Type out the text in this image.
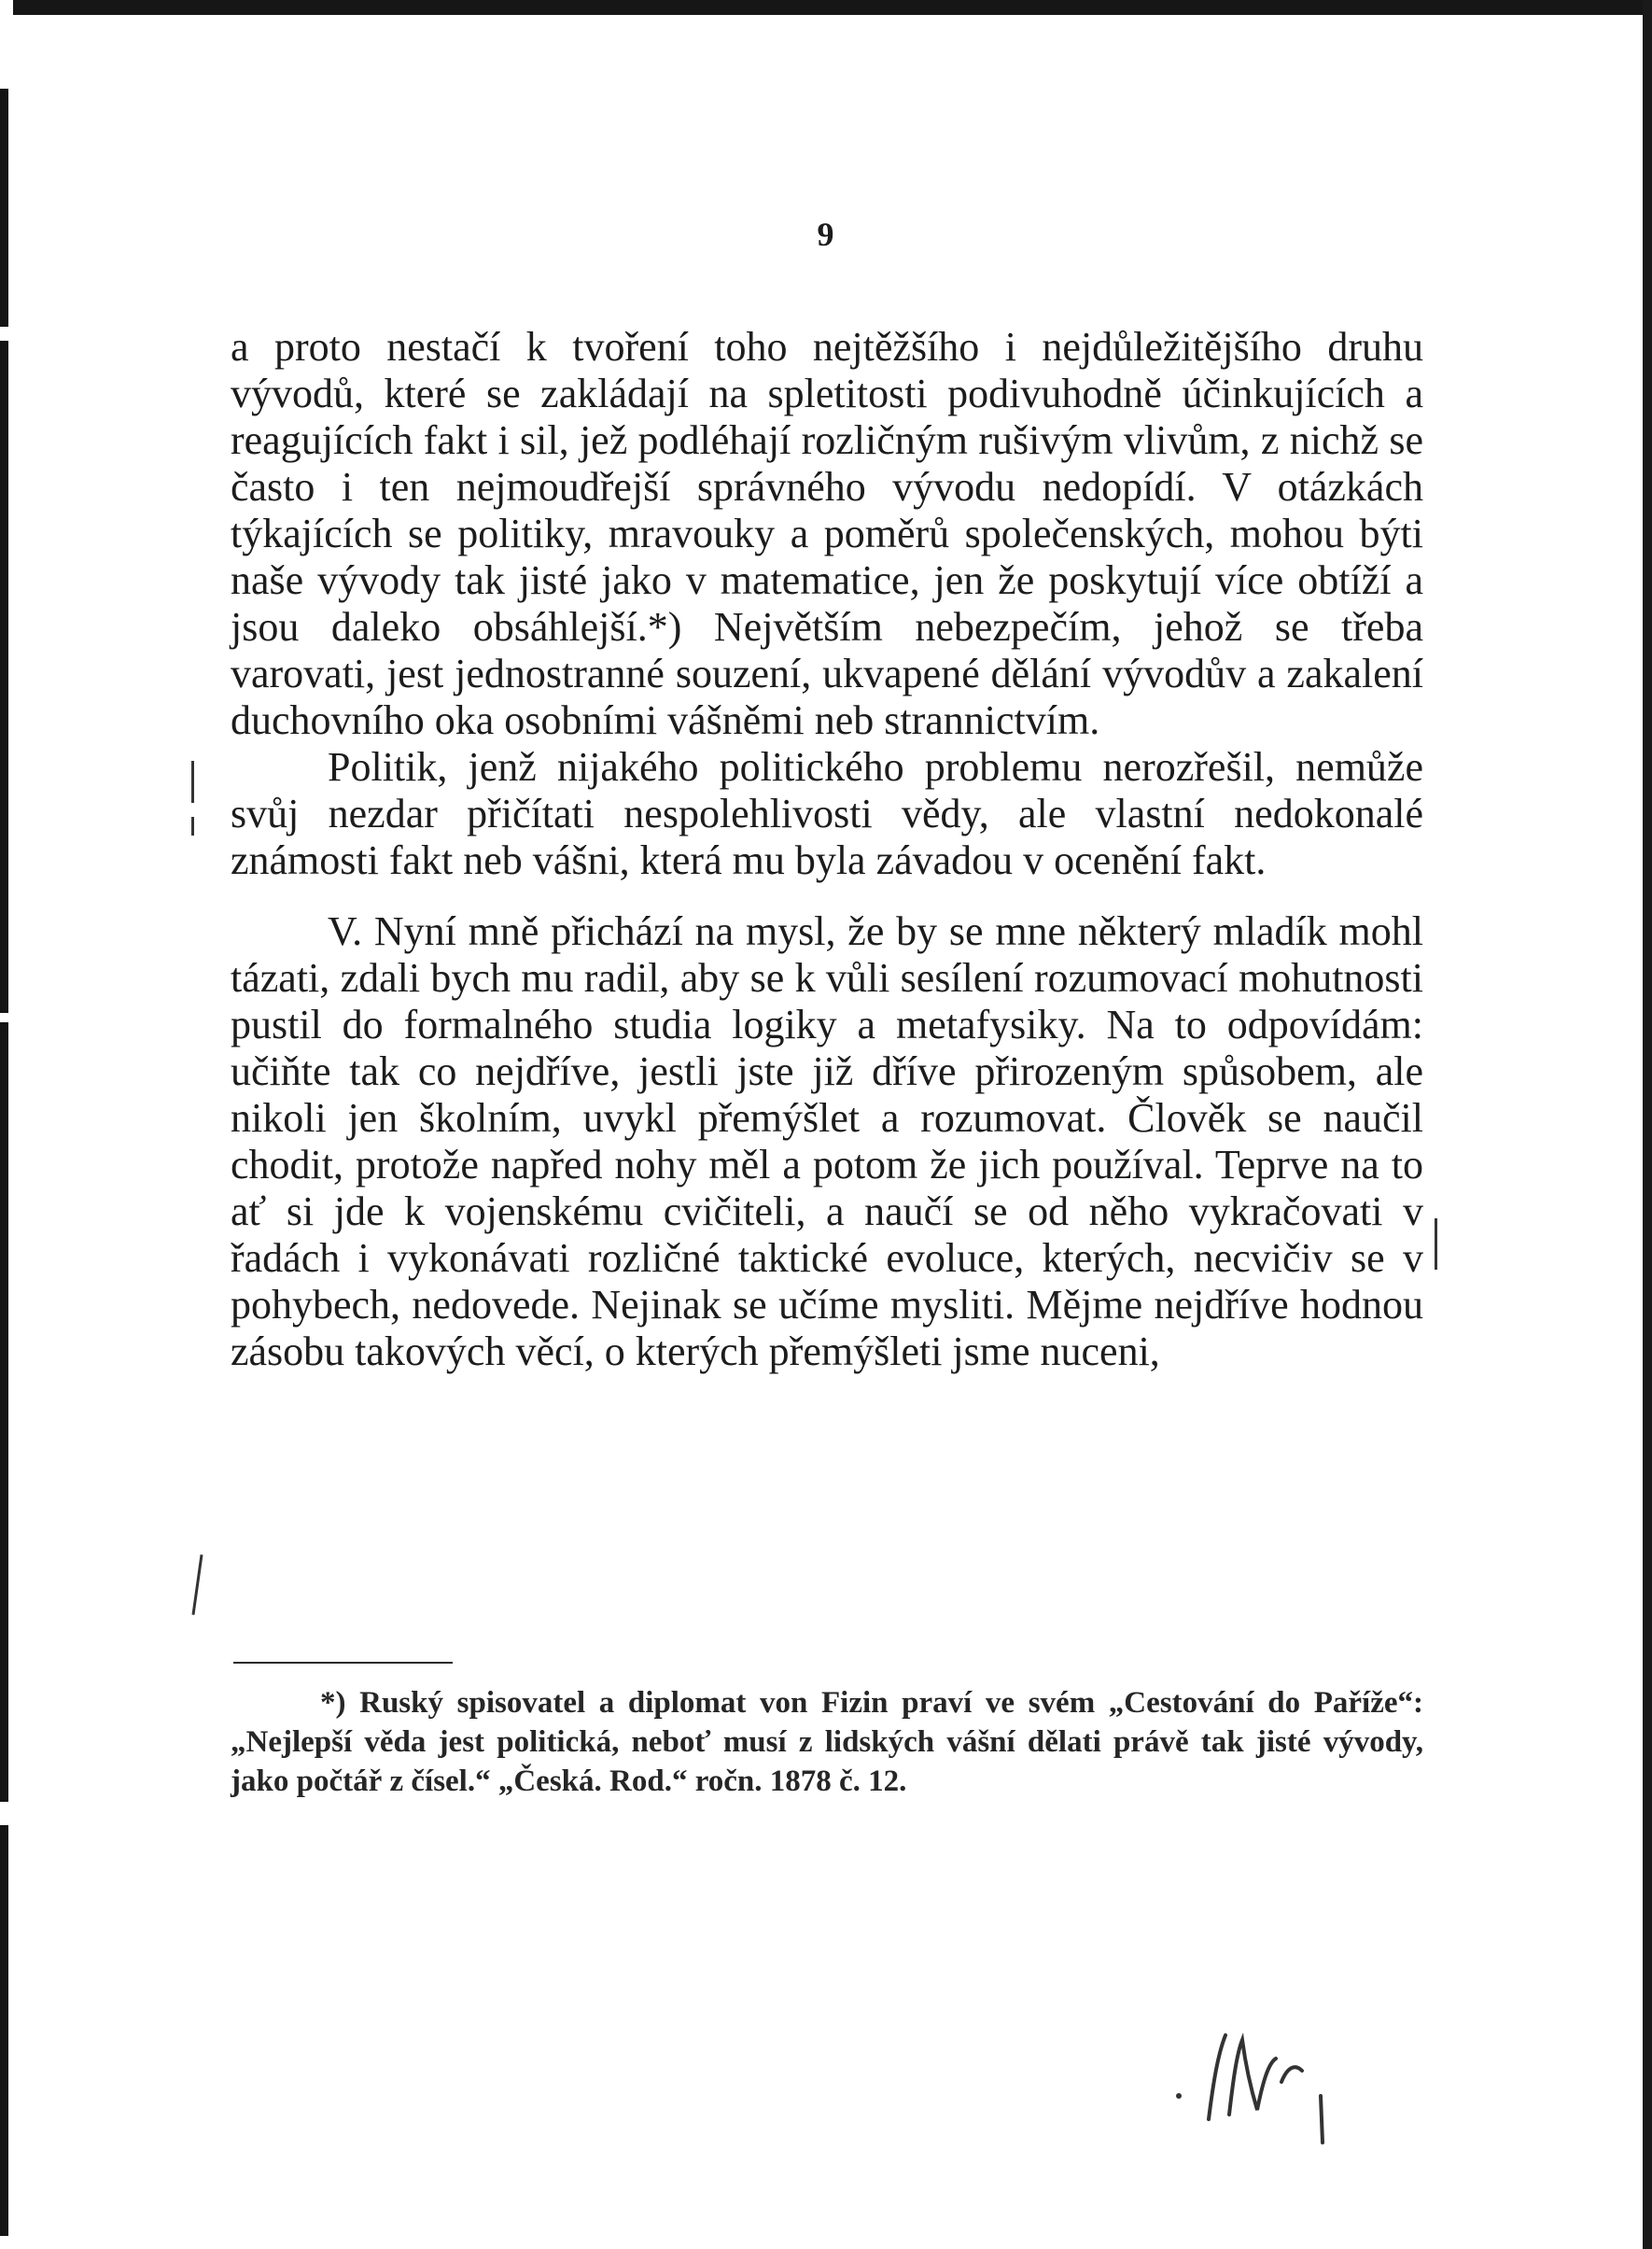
9

a proto nestačí k tvoření toho nejtěžšího i nejdůležitějšího druhu vývodů, které se zakládají na spletitosti podivuhodně účinkujících a reagujících fakt i sil, jež podléhají rozličným rušivým vlivům, z nichž se často i ten nejmoudřejší správného vývodu nedopídí. V otázkách týkajících se politiky, mravouky a poměrů společenských, mohou býti naše vývody tak jisté jako v matematice, jen že poskytují více obtíží a jsou daleko obsáhlejší.*) Největším nebezpečím, jehož se třeba varovati, jest jednostranné souzení, ukvapené dělání vývodův a zakalení duchovního oka osobními vášněmi neb strannictvím.

Politik, jenž nijakého politického problemu nerozřešil, nemůže svůj nezdar přičítati nespolehlivosti vědy, ale vlastní nedokonalé známosti fakt neb vášni, která mu byla závadou v ocenění fakt.

V. Nyní mně přichází na mysl, že by se mne některý mladík mohl tázati, zdali bych mu radil, aby se k vůli sesílení rozumovací mohutnosti pustil do formalného studia logiky a metafysiky. Na to odpovídám: učiňte tak co nejdříve, jestli jste již dříve přirozeným spůsobem, ale nikoli jen školním, uvykl přemýšlet a rozumovat. Člověk se naučil chodit, protože napřed nohy měl a potom že jich používal. Teprve na to ať si jde k vojenskému cvičiteli, a naučí se od něho vykračovati v řadách i vykonávati rozličné taktické evoluce, kterých, necvičiv se v pohybech, nedovede. Nejinak se učíme mysliti. Mějme nejdříve hodnou zásobu takových věcí, o kterých přemýšleti jsme nuceni,

*) Ruský spisovatel a diplomat von Fizin praví ve svém „Cestování do Paříže“: „Nejlepší věda jest politická, neboť musí z lidských vášní dělati právě tak jisté vývody, jako počtář z čísel.“ „Česká. Rod.“ ročn. 1878 č. 12.
